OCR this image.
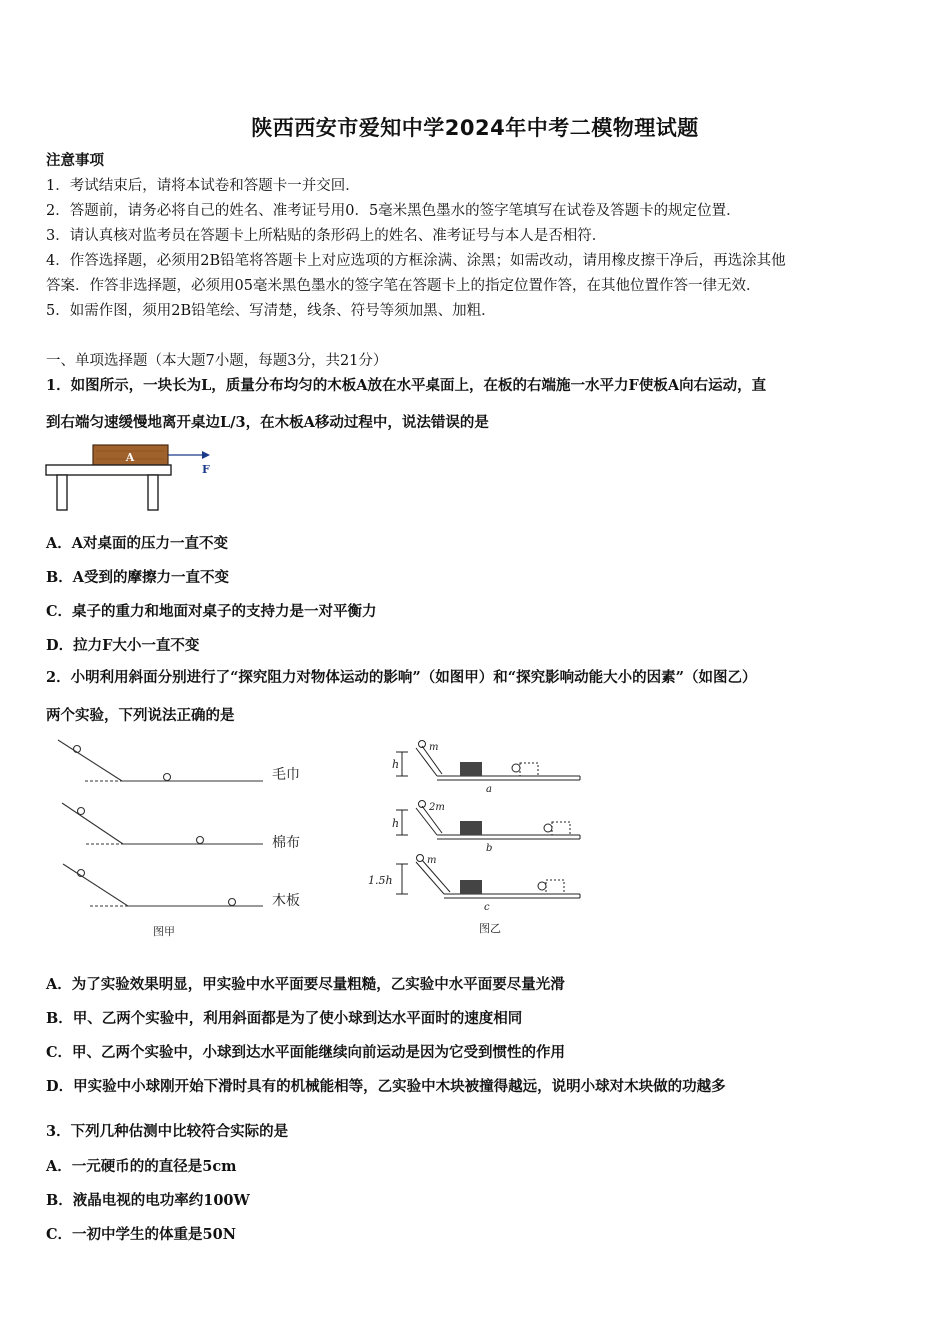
陕西西安市爱知中学2024年中考二模物理试题
注意事项
1．考试结束后，请将本试卷和答题卡一并交回．
2．答题前，请务必将自己的姓名、准考证号用0．5毫米黑色墨水的签字笔填写在试卷及答题卡的规定位置．
3．请认真核对监考员在答题卡上所粘贴的条形码上的姓名、准考证号与本人是否相符．
4．作答选择题，必须用2B铅笔将答题卡上对应选项的方框涂满、涂黑；如需改动，请用橡皮擦干净后，再选涂其他
答案．作答非选择题，必须用05毫米黑色墨水的签字笔在答题卡上的指定位置作答，在其他位置作答一律无效．
5．如需作图，须用2B铅笔绘、写清楚，线条、符号等须加黑、加粗．
一、单项选择题（本大题7小题，每题3分，共21分）
1．如图所示，一块长为L，质量分布均匀的木板A放在水平桌面上，在板的右端施一水平力F使板A向右运动，直
到右端匀速缓慢地离开桌边L/3，在木板A移动过程中，说法错误的是
A
F
A．A对桌面的压力一直不变
B．A受到的摩擦力一直不变
C．桌子的重力和地面对桌子的支持力是一对平衡力
D．拉力F大小一直不变
2．小明利用斜面分别进行了“探究阻力对物体运动的影响”（如图甲）和“探究影响动能大小的因素”（如图乙）
两个实验，下列说法正确的是
毛巾
棉布
木板
图甲
m
h
a
2m
h
b
m
1.5h
c
图乙
A．为了实验效果明显，甲实验中水平面要尽量粗糙，乙实验中水平面要尽量光滑
B．甲、乙两个实验中，利用斜面都是为了使小球到达水平面时的速度相同
C．甲、乙两个实验中，小球到达水平面能继续向前运动是因为它受到惯性的作用
D．甲实验中小球刚开始下滑时具有的机械能相等，乙实验中木块被撞得越远，说明小球对木块做的功越多
3．下列几种估测中比较符合实际的是
A．一元硬币的的直径是5cm
B．液晶电视的电功率约100W
C．一初中学生的体重是50N
